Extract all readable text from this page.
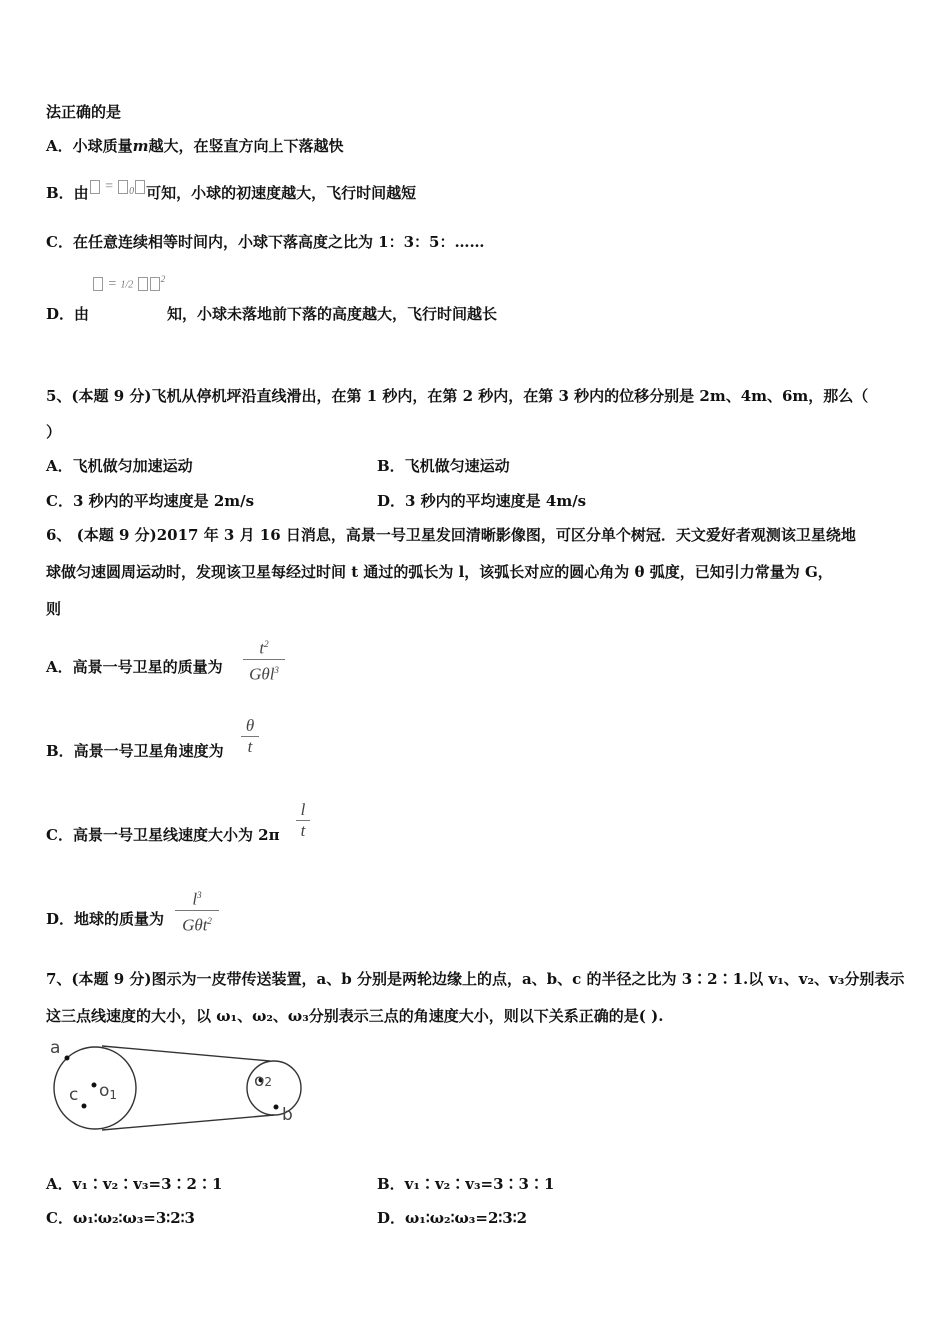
法正确的是
A．小球质量m越大，在竖直方向上下落越快
B．由 = $_0$ 可知，小球的初速度越大，飞行时间越短
C．在任意连续相等时间内，小球下落高度之比为 1：3：5：……
= 1/2 $^2$
D．由	知，小球未落地前下落的高度越大，飞行时间越长
5、(本题 9 分)飞机从停机坪沿直线滑出，在第 1 秒内，在第 2 秒内，在第 3 秒内的位移分别是 2m、4m、6m，那么（
）
A．飞机做匀加速运动	B．飞机做匀速运动
C．3 秒内的平均速度是 2m/s	D．3 秒内的平均速度是 4m/s
6、 (本题 9 分)2017 年 3 月 16 日消息，高景一号卫星发回清晰影像图，可区分单个树冠．天文爱好者观测该卫星绕地
球做匀速圆周运动时，发现该卫星每经过时间 t 通过的弧长为 l，该弧长对应的圆心角为 θ 弧度，已知引力常量为 G，
则
A．高景一号卫星的质量为
$t^2$
Gθl$^3$
B．高景一号卫星角速度为
θ
t
C．高景一号卫星线速度大小为 2π
l
t
D．地球的质量为
$l^3$
Gθt$^2$
7、(本题 9 分)图示为一皮带传送装置，a、b 分别是两轮边缘上的点，a、b、c 的半径之比为 3∶2∶1.以 v₁、v₂、v₃分别表示
这三点线速度的大小，以 ω₁、ω₂、ω₃分别表示三点的角速度大小，则以下关系正确的是( ).
a
c o1
o2
b
A．v₁∶v₂∶v₃=3∶2∶1	B．v₁∶v₂∶v₃=3∶3∶1
C．ω₁∶ω₂∶ω₃=3∶2∶3	D．ω₁∶ω₂∶ω₃=2∶3∶2
